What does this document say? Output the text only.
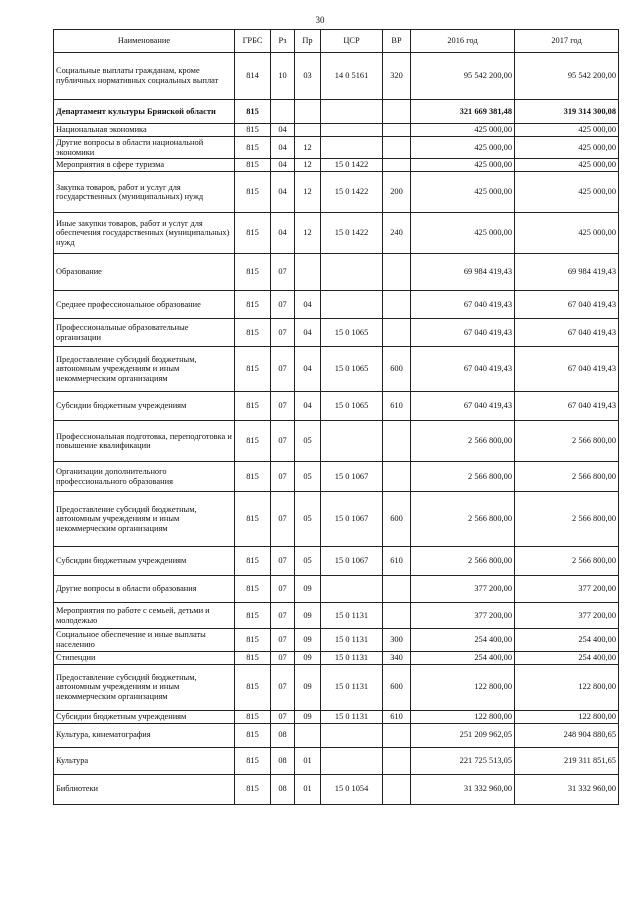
30
Наименование	ГРБС	Рз	Пр	ЦСР	ВР	2016 год	2017 год
Социальные выплаты гражданам, кроме публичных нормативных социальных выплат	814	10	03	14 0 5161	320	95 542 200,00	95 542 200,00
Департамент культуры Брянской области	815					321 669 381,48	319 314 300,08
Национальная экономика	815	04				425 000,00	425 000,00
Другие вопросы в области национальной экономики	815	04	12			425 000,00	425 000,00
Мероприятия в сфере туризма	815	04	12	15 0 1422		425 000,00	425 000,00
Закупка товаров, работ и услуг для государственных (муниципальных) нужд	815	04	12	15 0 1422	200	425 000,00	425 000,00
Иные закупки товаров, работ и услуг для обеспечения государственных (муниципальных) нужд	815	04	12	15 0 1422	240	425 000,00	425 000,00
Образование	815	07				69 984 419,43	69 984 419,43
Среднее профессиональное образование	815	07	04			67 040 419,43	67 040 419,43
Профессиональные образовательные организации	815	07	04	15 0 1065		67 040 419,43	67 040 419,43
Предоставление субсидий бюджетным, автономным учреждениям и иным некоммерческим организациям	815	07	04	15 0 1065	600	67 040 419,43	67 040 419,43
Субсидии бюджетным учреждениям	815	07	04	15 0 1065	610	67 040 419,43	67 040 419,43
Профессиональная подготовка, переподготовка и повышение квалификации	815	07	05			2 566 800,00	2 566 800,00
Организации дополнительного профессионального образования	815	07	05	15 0 1067		2 566 800,00	2 566 800,00
Предоставление субсидий бюджетным, автономным учреждениям и иным некоммерческим организациям	815	07	05	15 0 1067	600	2 566 800,00	2 566 800,00
Субсидии бюджетным учреждениям	815	07	05	15 0 1067	610	2 566 800,00	2 566 800,00
Другие вопросы в области образования	815	07	09			377 200,00	377 200,00
Мероприятия по работе с семьей, детьми и молодежью	815	07	09	15 0 1131		377 200,00	377 200,00
Социальное обеспечение и иные выплаты населению	815	07	09	15 0 1131	300	254 400,00	254 400,00
Стипендии	815	07	09	15 0 1131	340	254 400,00	254 400,00
Предоставление субсидий бюджетным, автономным учреждениям и иным некоммерческим организациям	815	07	09	15 0 1131	600	122 800,00	122 800,00
Субсидии бюджетным учреждениям	815	07	09	15 0 1131	610	122 800,00	122 800,00
Культура, кинематография	815	08				251 209 962,05	248 904 880,65
Культура	815	08	01			221 725 513,05	219 311 851,65
Библиотеки	815	08	01	15 0 1054		31 332 960,00	31 332 960,00
